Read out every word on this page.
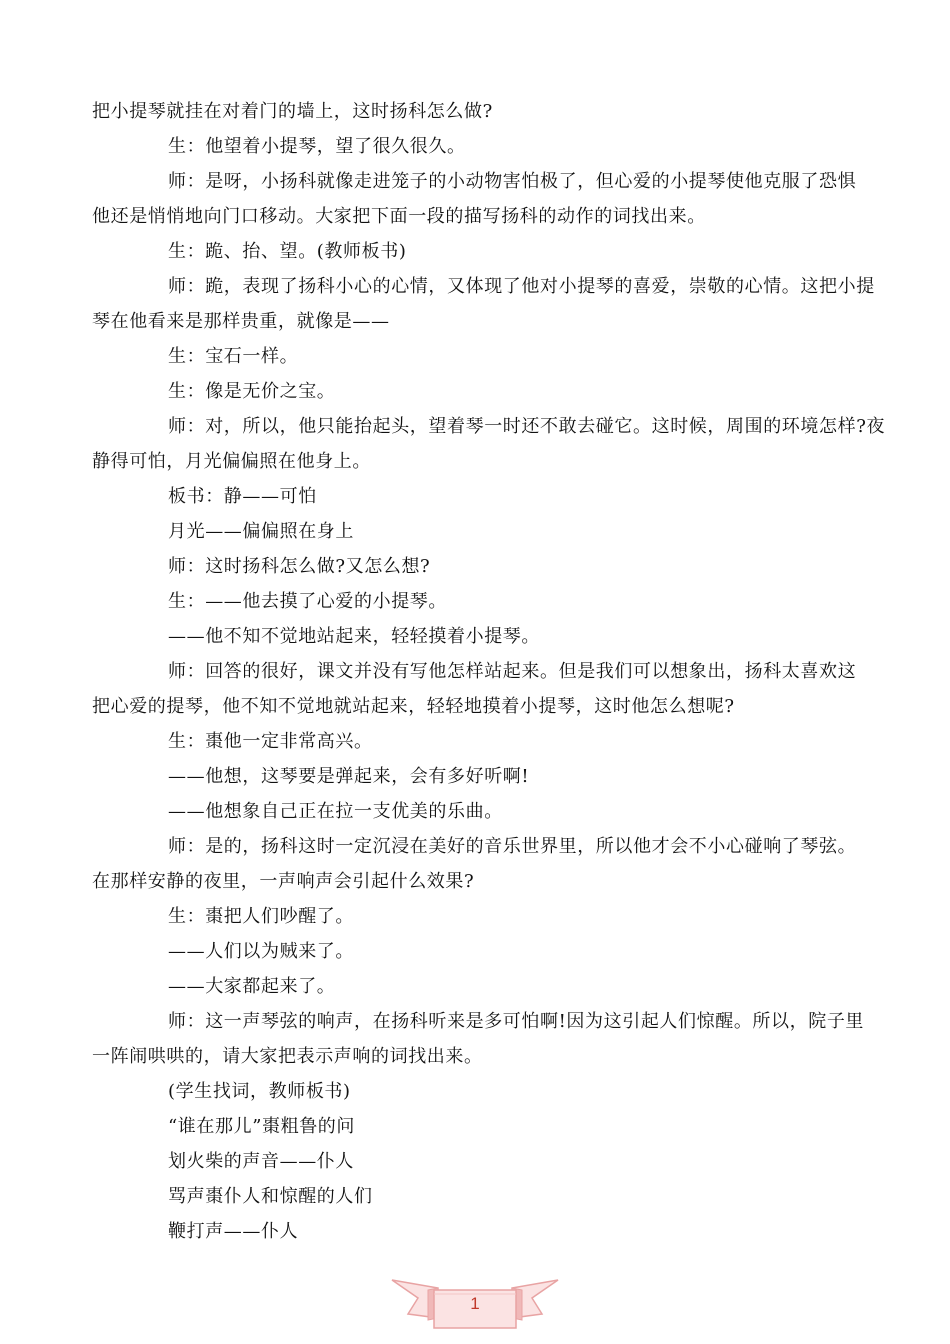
把小提琴就挂在对着门的墙上，这时扬科怎么做?
生：他望着小提琴，望了很久很久。
师：是呀，小扬科就像走进笼子的小动物害怕极了，但心爱的小提琴使他克服了恐惧
他还是悄悄地向门口移动。大家把下面一段的描写扬科的动作的词找出来。
生：跪、抬、望。(教师板书)
师：跪，表现了扬科小心的心情，又体现了他对小提琴的喜爱，崇敬的心情。这把小提
琴在他看来是那样贵重，就像是——
生：宝石一样。
生：像是无价之宝。
师：对，所以，他只能抬起头，望着琴一时还不敢去碰它。这时候，周围的环境怎样?夜
静得可怕，月光偏偏照在他身上。
板书：静——可怕
月光——偏偏照在身上
师：这时扬科怎么做?又怎么想?
生：——他去摸了心爱的小提琴。
——他不知不觉地站起来，轻轻摸着小提琴。
师：回答的很好，课文并没有写他怎样站起来。但是我们可以想象出，扬科太喜欢这
把心爱的提琴，他不知不觉地就站起来，轻轻地摸着小提琴，这时他怎么想呢?
生：棗他一定非常高兴。
——他想，这琴要是弹起来，会有多好听啊!
——他想象自己正在拉一支优美的乐曲。
师：是的，扬科这时一定沉浸在美好的音乐世界里，所以他才会不小心碰响了琴弦。
在那样安静的夜里，一声响声会引起什么效果?
生：棗把人们吵醒了。
——人们以为贼来了。
——大家都起来了。
师：这一声琴弦的响声，在扬科听来是多可怕啊!因为这引起人们惊醒。所以，院子里
一阵闹哄哄的，请大家把表示声响的词找出来。
(学生找词，教师板书)
“谁在那儿”棗粗鲁的问
划火柴的声音——仆人
骂声棗仆人和惊醒的人们
鞭打声——仆人
1
